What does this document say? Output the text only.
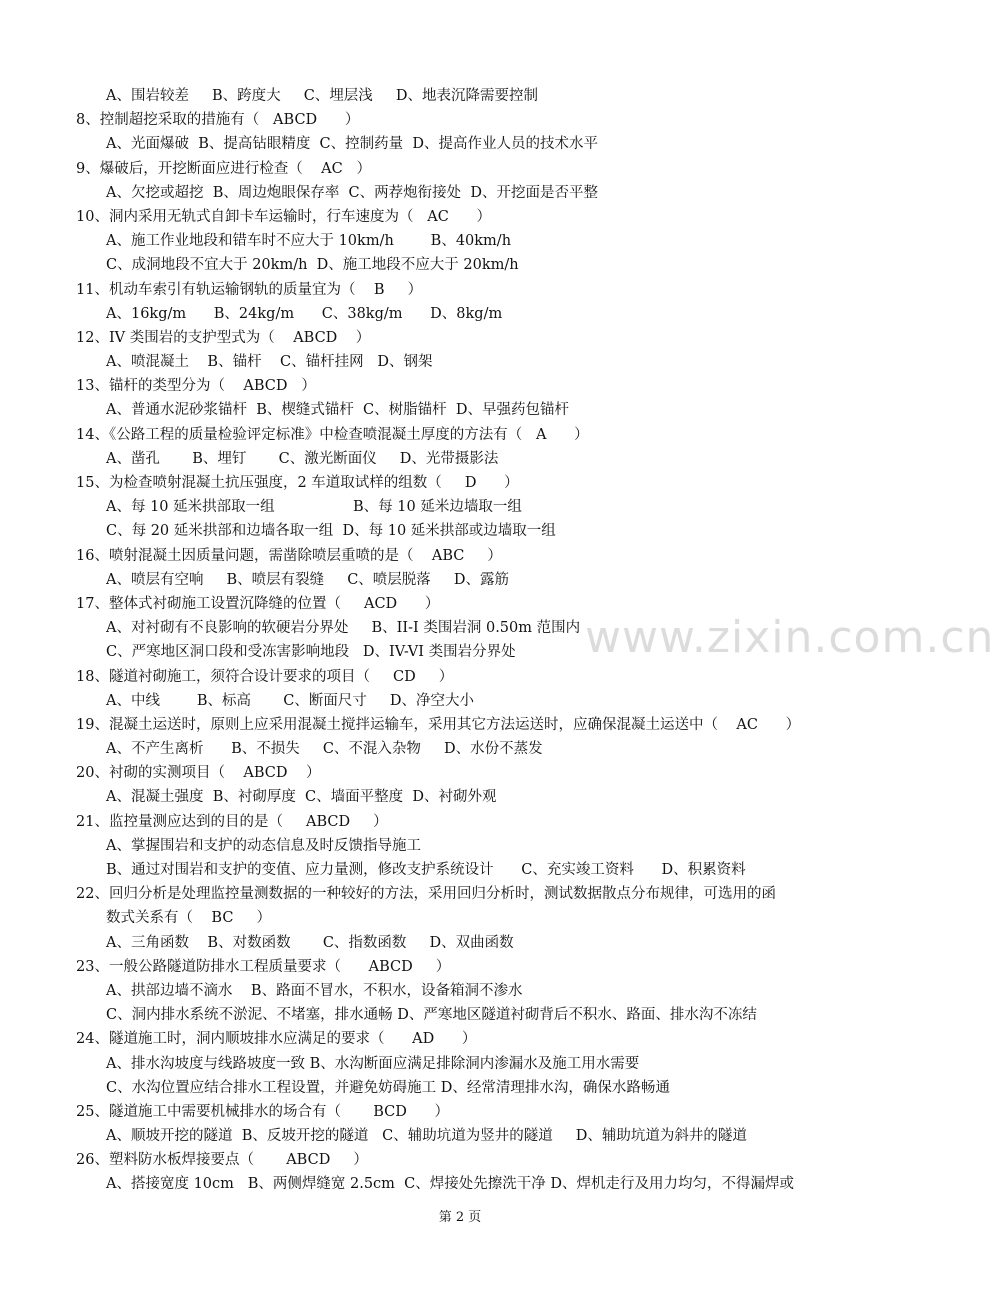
A、围岩较差     B、跨度大     C、埋层浅     D、地表沉降需要控制
8、控制超挖采取的措施有（   ABCD      ）
A、光面爆破  B、提高钻眼精度  C、控制药量  D、提高作业人员的技术水平
9、爆破后，开挖断面应进行检查（    AC   ）
A、欠挖或超挖  B、周边炮眼保存率  C、两荐炮衔接处  D、开挖面是否平整
10、洞内采用无轨式自卸卡车运输时，行车速度为（   AC      ）
A、施工作业地段和错车时不应大于 10km/h        B、40km/h
C、成洞地段不宜大于 20km/h  D、施工地段不应大于 20km/h
11、机动车索引有轨运输钢轨的质量宜为（    B     ）
A、16kg/m      B、24kg/m      C、38kg/m      D、8kg/m
12、IV 类围岩的支护型式为（    ABCD    ）
A、喷混凝土    B、锚杆    C、锚杆挂网   D、钢架
13、锚杆的类型分为（    ABCD   ）
A、普通水泥砂浆锚杆  B、楔缝式锚杆  C、树脂锚杆  D、早强药包锚杆
14、《公路工程的质量检验评定标准》中检查喷混凝土厚度的方法有（   A      ）
A、凿孔       B、埋钉       C、激光断面仪     D、光带摄影法
15、为检查喷射混凝土抗压强度，2 车道取试样的组数（     D      ）
A、每 10 延米拱部取一组                 B、每 10 延米边墙取一组
C、每 20 延米拱部和边墙各取一组  D、每 10 延米拱部或边墙取一组
16、喷射混凝土因质量问题，需凿除喷层重喷的是（    ABC     ）
A、喷层有空响     B、喷层有裂缝     C、喷层脱落     D、露筋
17、整体式衬砌施工设置沉降缝的位置（     ACD      ）
A、对衬砌有不良影响的软硬岩分界处     B、II-I 类围岩洞 0.50m 范围内
C、严寒地区洞口段和受冻害影响地段   D、IV-VI 类围岩分界处
18、隧道衬砌施工，须符合设计要求的项目（     CD     ）
A、中线        B、标高       C、断面尺寸     D、净空大小
19、混凝土运送时，原则上应采用混凝土搅拌运输车，采用其它方法运送时，应确保混凝土运送中（    AC      ）
A、不产生离析      B、不损失     C、不混入杂物     D、水份不蒸发
20、衬砌的实测项目（    ABCD    ）
A、混凝土强度  B、衬砌厚度  C、墙面平整度  D、衬砌外观
21、监控量测应达到的目的是（     ABCD     ）
A、掌握围岩和支护的动态信息及时反馈指导施工
B、通过对围岩和支护的变值、应力量测，修改支护系统设计      C、充实竣工资料      D、积累资料
22、回归分析是处理监控量测数据的一种较好的方法，采用回归分析时，测试数据散点分布规律，可选用的函
数式关系有（    BC     ）
A、三角函数    B、对数函数       C、指数函数     D、双曲函数
23、一般公路隧道防排水工程质量要求（      ABCD     ）
A、拱部边墙不滴水    B、路面不冒水，不积水，设备箱洞不渗水
C、洞内排水系统不淤泥、不堵塞，排水通畅 D、严寒地区隧道衬砌背后不积水、路面、排水沟不冻结
24、隧道施工时，洞内顺坡排水应满足的要求（      AD      ）
A、排水沟坡度与线路坡度一致 B、水沟断面应满足排除洞内渗漏水及施工用水需要
C、水沟位置应结合排水工程设置，并避免妨碍施工 D、经常清理排水沟，确保水路畅通
25、隧道施工中需要机械排水的场合有（       BCD      ）
A、顺坡开挖的隧道  B、反坡开挖的隧道   C、辅助坑道为竖井的隧道     D、辅助坑道为斜井的隧道
26、塑料防水板焊接要点（       ABCD     ）
A、搭接宽度 10cm   B、两侧焊缝宽 2.5cm  C、焊接处先擦洗干净 D、焊机走行及用力均匀，不得漏焊或
www.zixin.com.cn
第 2 页
